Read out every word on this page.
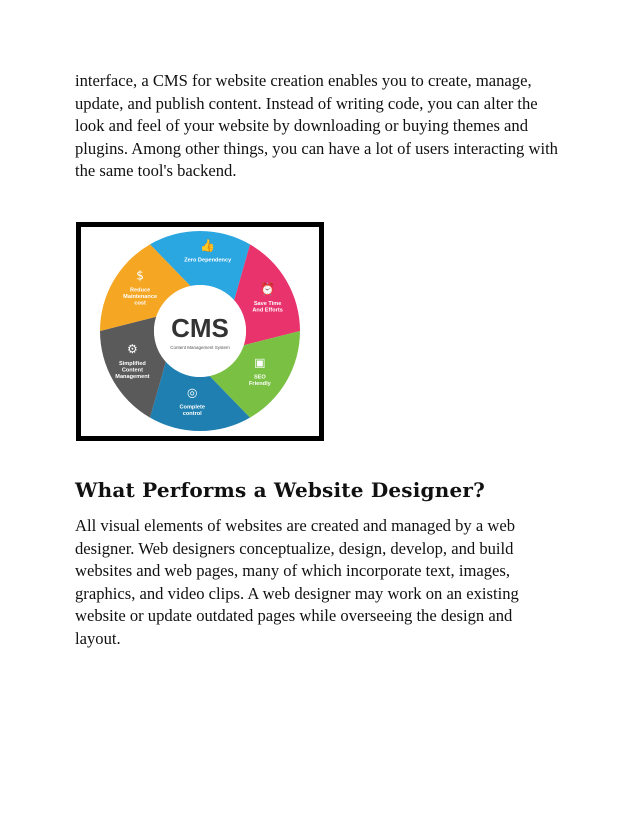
interface, a CMS for website creation enables you to create, manage,
update, and publish content. Instead of writing code, you can alter the
look and feel of your website by downloading or buying themes and
plugins. Among other things, you can have a lot of users interacting with
the same tool's backend.

CMS
Content Management System
👍
Zero Dependency
⏰
Save Time
And Efforts
▣
SEO
Friendly
◎
Complete
control
⚙
Simplified
Content
Management
$
Reduce
Maintenance
cost
What Performs a Website Designer?

All visual elements of websites are created and managed by a web
designer. Web designers conceptualize, design, develop, and build
websites and web pages, many of which incorporate text, images,
graphics, and video clips. A web designer may work on an existing
website or update outdated pages while overseeing the design and
layout.
